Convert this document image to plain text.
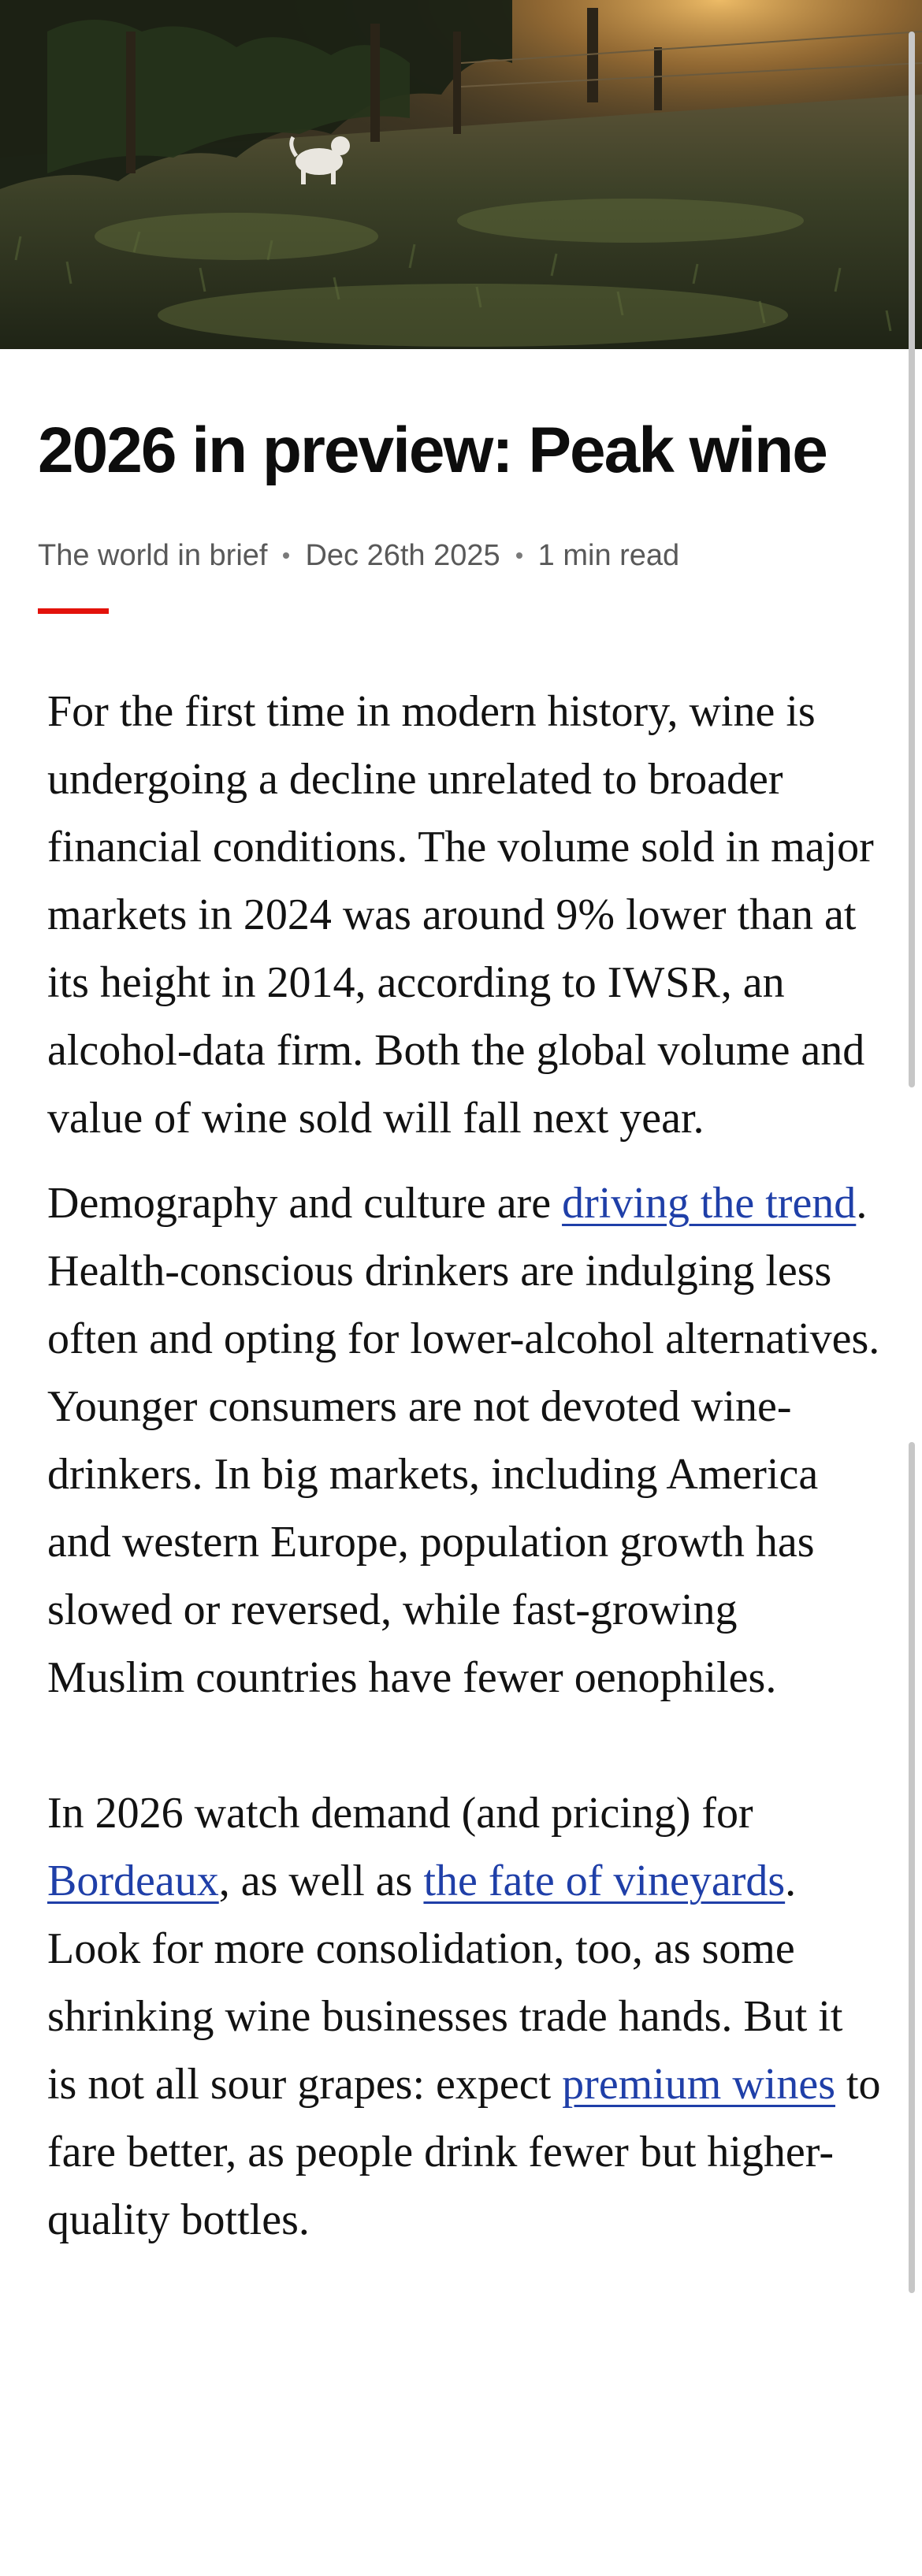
2026 in preview: Peak wine
The world in brief Dec 26th 2025 1 min read

For the first time in modern history, wine is undergoing a decline unrelated to broader financial conditions. The volume sold in major markets in 2024 was around 9% lower than at its height in 2014, according to IWSR, an alcohol-data firm. Both the global volume and value of wine sold will fall next year.

Demography and culture are driving the trend. Health-conscious drinkers are indulging less often and opting for lower-alcohol alternatives. Younger consumers are not devoted wine-drinkers. In big markets, including America and western Europe, population growth has slowed or reversed, while fast-growing Muslim countries have fewer oenophiles.

In 2026 watch demand (and pricing) for Bordeaux, as well as the fate of vineyards. Look for more consolidation, too, as some shrinking wine businesses trade hands. But it is not all sour grapes: expect premium wines to fare better, as people drink fewer but higher-quality bottles.
